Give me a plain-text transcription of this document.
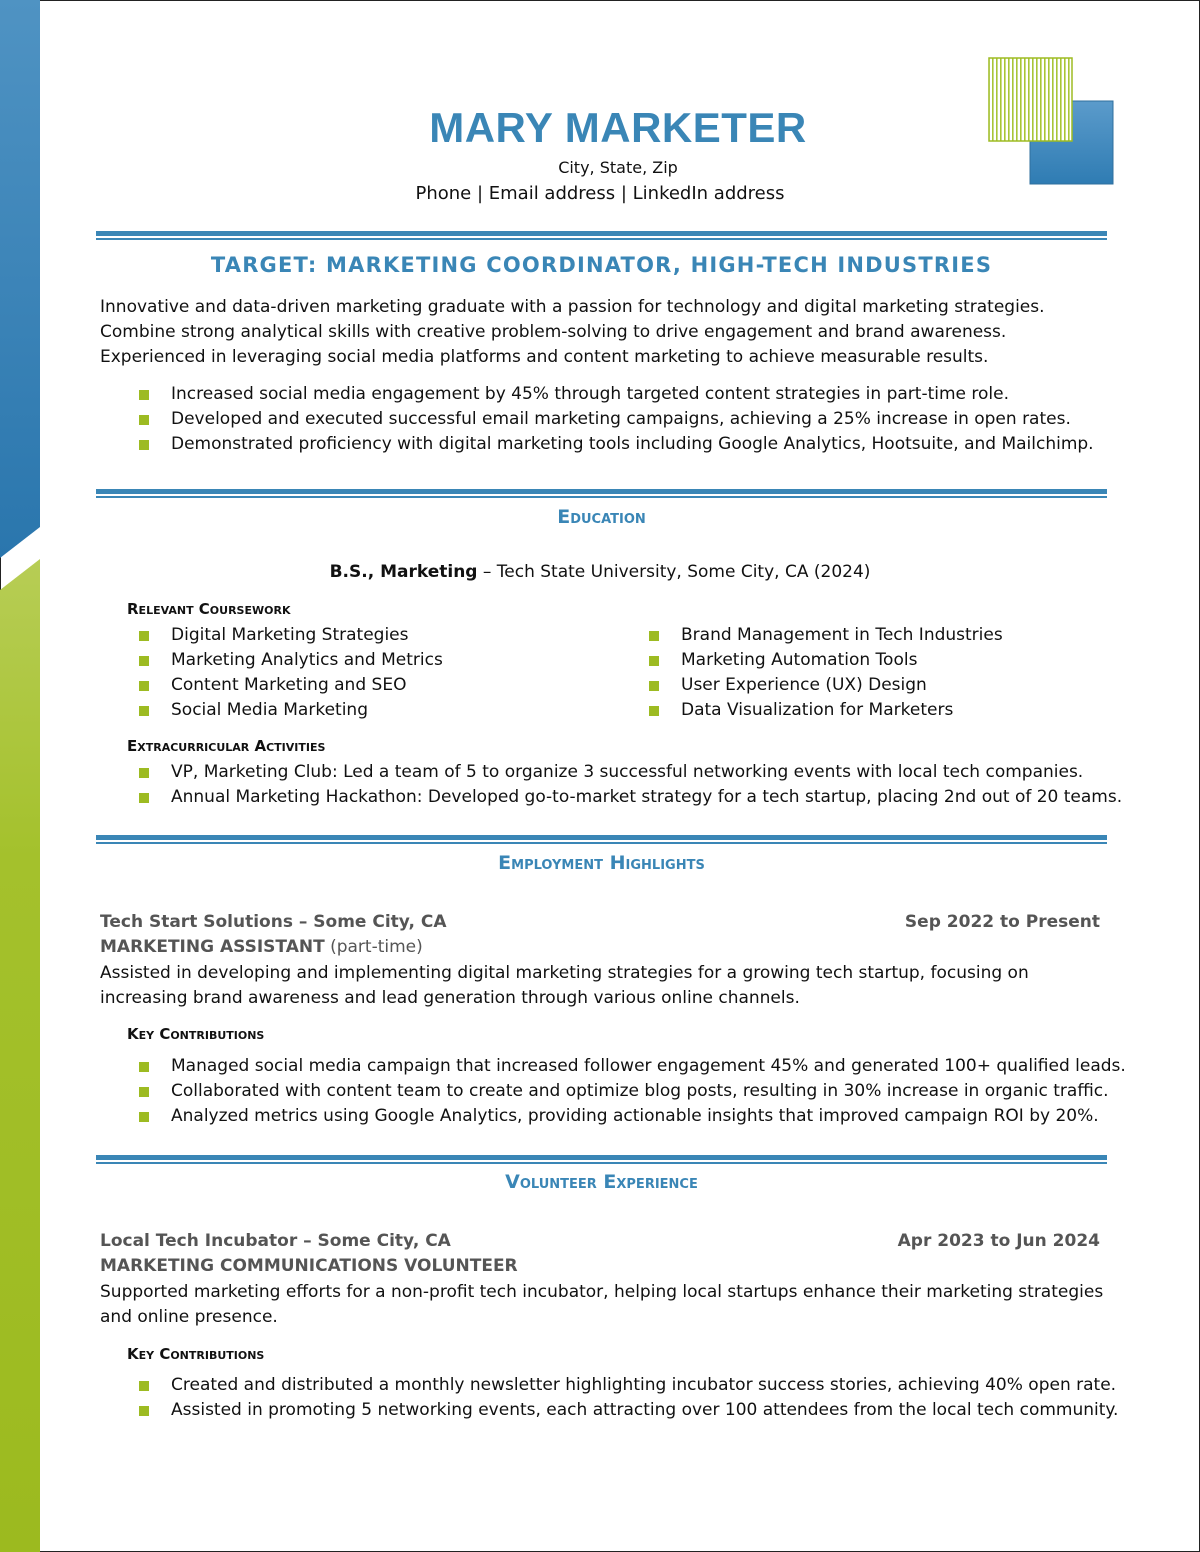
MARY MARKETER
City, State, Zip
Phone | Email address | LinkedIn address
TARGET: MARKETING COORDINATOR, HIGH-TECH INDUSTRIES
Innovative and data-driven marketing graduate with a passion for technology and digital marketing strategies. Combine strong analytical skills with creative problem-solving to drive engagement and brand awareness. Experienced in leveraging social media platforms and content marketing to achieve measurable results.
Increased social media engagement by 45% through targeted content strategies in part-time role.
Developed and executed successful email marketing campaigns, achieving a 25% increase in open rates.
Demonstrated proficiency with digital marketing tools including Google Analytics, Hootsuite, and Mailchimp.
Education
B.S., Marketing – Tech State University, Some City, CA (2024)
Relevant Coursework
Digital Marketing Strategies
Marketing Analytics and Metrics
Content Marketing and SEO
Social Media Marketing
Brand Management in Tech Industries
Marketing Automation Tools
User Experience (UX) Design
Data Visualization for Marketers
Extracurricular Activities
VP, Marketing Club: Led a team of 5 to organize 3 successful networking events with local tech companies.
Annual Marketing Hackathon: Developed go-to-market strategy for a tech startup, placing 2nd out of 20 teams.
Employment Highlights
Tech Start Solutions – Some City, CA	Sep 2022 to Present
MARKETING ASSISTANT (part-time)
Assisted in developing and implementing digital marketing strategies for a growing tech startup, focusing on increasing brand awareness and lead generation through various online channels.
Key Contributions
Managed social media campaign that increased follower engagement 45% and generated 100+ qualified leads.
Collaborated with content team to create and optimize blog posts, resulting in 30% increase in organic traffic.
Analyzed metrics using Google Analytics, providing actionable insights that improved campaign ROI by 20%.
Volunteer Experience
Local Tech Incubator – Some City, CA	Apr 2023 to Jun 2024
MARKETING COMMUNICATIONS VOLUNTEER
Supported marketing efforts for a non-profit tech incubator, helping local startups enhance their marketing strategies and online presence.
Key Contributions
Created and distributed a monthly newsletter highlighting incubator success stories, achieving 40% open rate.
Assisted in promoting 5 networking events, each attracting over 100 attendees from the local tech community.
